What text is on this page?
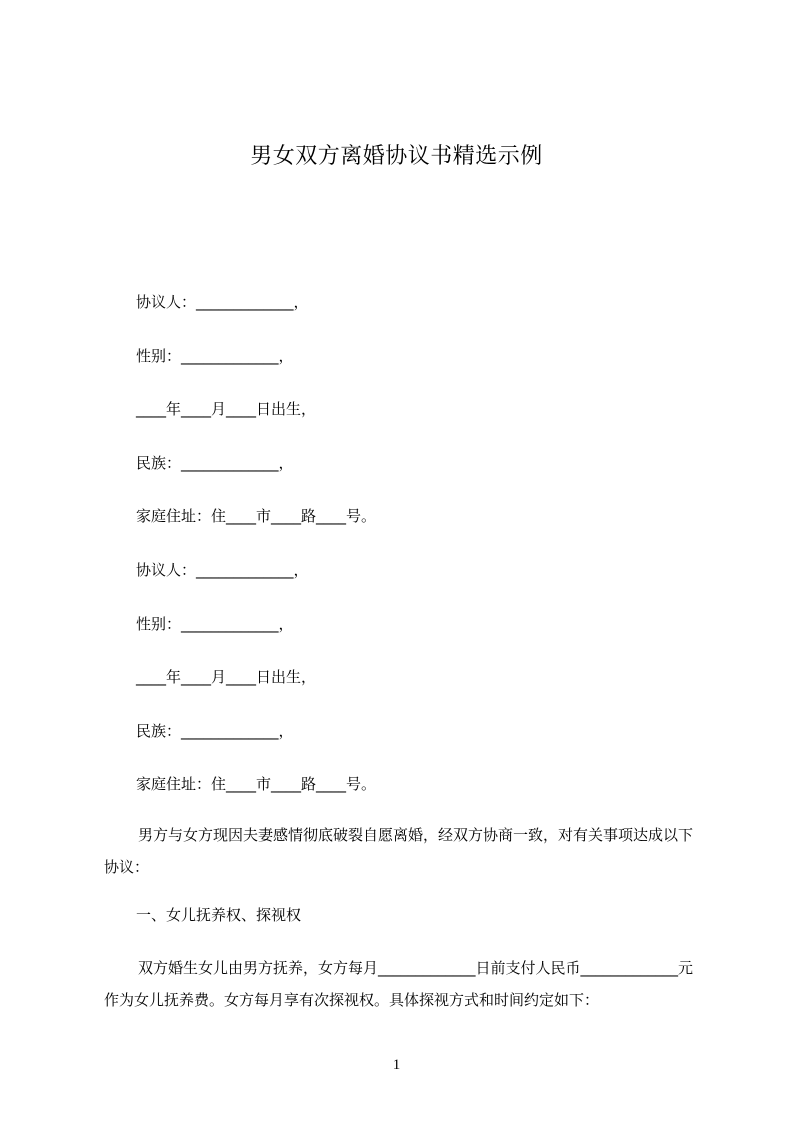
男女双方离婚协议书精选示例
协议人：_____________，
性别：_____________，
____年____月____日出生，
民族：_____________，
家庭住址：住____市____路____号。
协议人：_____________，
性别：_____________，
____年____月____日出生，
民族：_____________，
家庭住址：住____市____路____号。
男方与女方现因夫妻感情彻底破裂自愿离婚，经双方协商一致，对有关事项达成以下协议：
一、女儿抚养权、探视权
双方婚生女儿由男方抚养，女方每月_____________日前支付人民币_____________元作为女儿抚养费。女方每月享有次探视权。具体探视方式和时间约定如下：
1
